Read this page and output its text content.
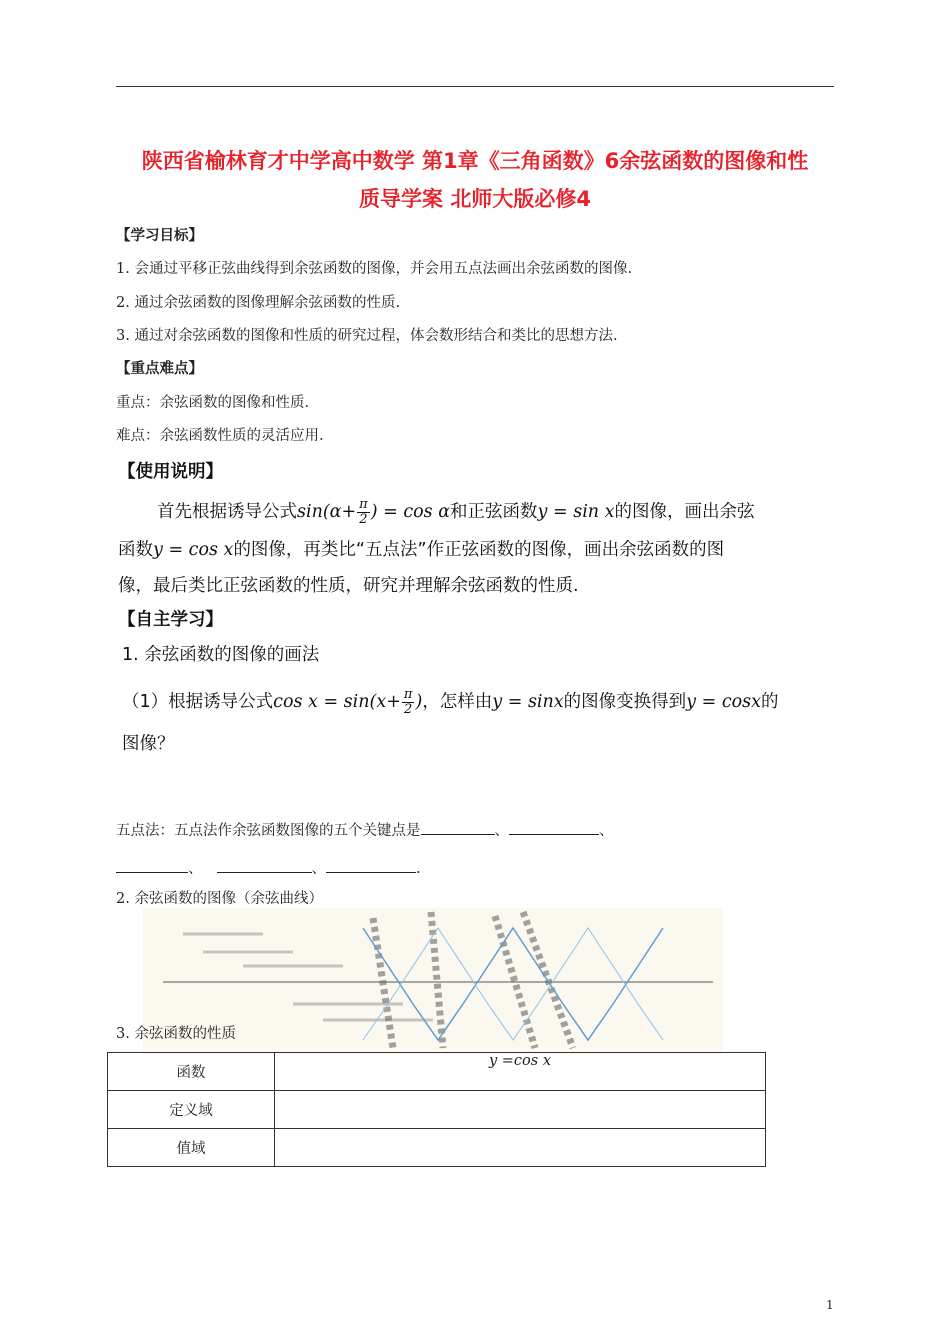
陕西省榆林育才中学高中数学 第1章《三角函数》6余弦函数的图像和性
质导学案 北师大版必修4
【学习目标】
1. 会通过平移正弦曲线得到余弦函数的图像，并会用五点法画出余弦函数的图像.
2. 通过余弦函数的图像理解余弦函数的性质.
3. 通过对余弦函数的图像和性质的研究过程，体会数形结合和类比的思想方法.
【重点难点】
重点：余弦函数的图像和性质.
难点：余弦函数性质的灵活应用.
【使用说明】
首先根据诱导公式$\sin(\alpha+ \frac{\pi}{2}$ ) = cos α和正弦函数y = sin x的图像，画出余弦
函数y = cos x的图像，再类比“五点法”作正弦函数的图像，画出余弦函数的图
像，最后类比正弦函数的性质，研究并理解余弦函数的性质.
【自主学习】
1. 余弦函数的图像的画法
（1）根据诱导公式$\cos x = \sin(x+ \frac{\pi}{2}$ )，怎样由y = sinx的图像变换得到y = cosx的
图像？
五点法：五点法作余弦函数图像的五个关键点是	、	、
、	、	.
2. 余弦函数的图像（余弦曲线）
3. 余弦函数的性质
函数	y =cos x
定义域	
值域	
1
